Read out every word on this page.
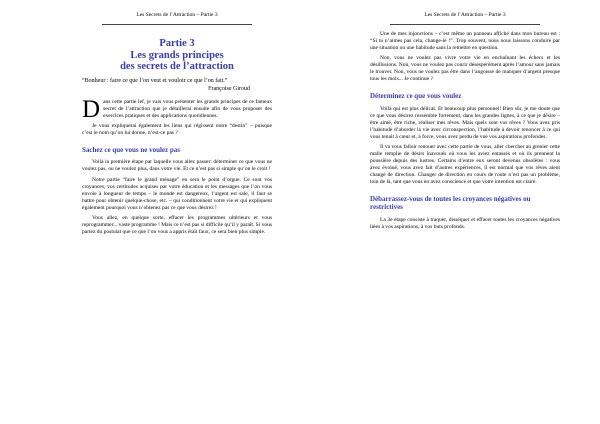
Les Secrets de l’Attraction – Partie 3

Partie 3
Les grands principes
des secrets de l’attraction

“Bonheur : faire ce que l’on veut et vouloir ce que l’on fait.”

Françoise Giroud

D ans cette partie lef, je vais vous présenter les grands principes de ce fameux secret de l’attraction que je détaillerai ensuite afin de vous proposer des exercices pratiques et des applications quotidiennes.

Je vous expliquerai également les liens qui régissent notre “destin” – puisque c’est le nom qu’on lui donne, n’est-ce pas ?

Sachez ce que vous ne voulez pas

Voilà la première étape par laquelle vous allez passer: déterminer ce que vous ne voulez pas, ou ne voulez plus, dans votre vie. Et ce n’est pas si simple qu’on le croit !

Notre partie “faire le grand ménage” en sera le point d’orgue. Ce sont vos croyances, vos certitudes acquises par votre éducation et les messages que l’on vous envoie à longueur de temps – le monde est dangereux, l’argent est sale, il faut se battre pour obtenir quelque-chose, etc. – qui conditionnent votre vie et qui expliquent également pourquoi vous n’obtenez pas ce que vous désirez !

Vous allez, en quelque sorte, effacer les programmes ultérieurs et vous reprogrammer... vaste programme ! Mais ce n’est pas si difficile qu’il y paraît. Si vous partez du postulat que ce que l’on vous a appris était faux, ce sera bien plus simple.

Les Secrets de l’Attraction – Partie 3

Une de mes injonctions – c’est même un panneau affiché dans mon bureau est : “Si tu n’aimes pas cela, change-le !”. Trop souvent, nous nous laissons conduire par une situation ou une habitude sans la remettre en question.

Non, vous ne voulez pas vivre votre vie en enchaînant les échecs et les désillusions. Non, vous ne voulez pas courir désespérément après l’amour sans jamais le trouver. Non, vous ne voulez pas être dans l’angoisse de manquer d’argent presque tous les mois... Je continue ?

Déterminez ce que vous voulez

Voilà qui est plus délicat. Et beaucoup plus personnel! Bien sûr, je me doute que ce que vous désirez ressemble fortement, dans les grandes lignes, à ce que je désire – être aimé, être riche, réaliser mes rêves. Mais quels sont vos rêves ? Vous avez pris l’habitude d’aborder la vie avec circonspection, l’habitude à devoir renoncer à ce qui vous tenait à cœur et, à force, vous avez perdu de vue vos aspirations profondes.

Il va vous falloir renouer avec cette partie de vous, aller chercher au grenier cette malle remplie de désirs inavoués où vous les aviez entassés et où ils prennent la poussière depuis des lustres. Certains d’entre eux seront devenus obsolètes : vous avez évolué, vous avez fait d’autres expériences, il est normal que vos rêves aient changé de direction. Changer de direction en cours de route n’est pas un problème, loin de là, tant que vous en avez conscience et que votre intention est claire.

Débarrassez-vous de toutes les croyances négatives ou restrictives

La 3e étape consiste à traquer, disséquer et effacer toutes les croyances négatives liées à vos aspirations, à vos buts profonds.
